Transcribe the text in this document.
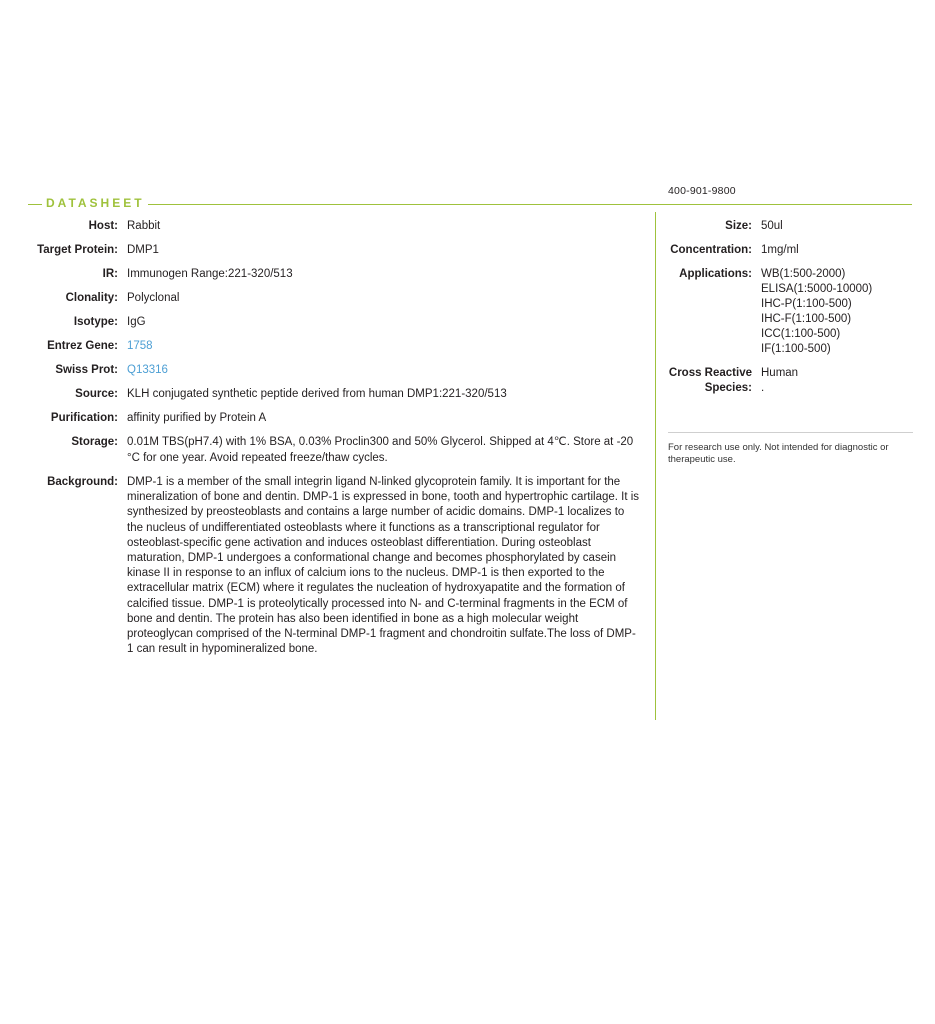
400-901-9800
DATASHEET
Host: Rabbit
Target Protein: DMP1
IR: Immunogen Range:221-320/513
Clonality: Polyclonal
Isotype: IgG
Entrez Gene: 1758
Swiss Prot: Q13316
Source: KLH conjugated synthetic peptide derived from human DMP1:221-320/513
Purification: affinity purified by Protein A
Storage: 0.01M TBS(pH7.4) with 1% BSA, 0.03% Proclin300 and 50% Glycerol. Shipped at 4℃. Store at -20 °C for one year. Avoid repeated freeze/thaw cycles.
Background: DMP-1 is a member of the small integrin ligand N-linked glycoprotein family. It is important for the mineralization of bone and dentin. DMP-1 is expressed in bone, tooth and hypertrophic cartilage. It is synthesized by preosteoblasts and contains a large number of acidic domains. DMP-1 localizes to the nucleus of undifferentiated osteoblasts where it functions as a transcriptional regulator for osteoblast-specific gene activation and induces osteoblast differentiation. During osteoblast maturation, DMP-1 undergoes a conformational change and becomes phosphorylated by casein kinase II in response to an influx of calcium ions to the nucleus. DMP-1 is then exported to the extracellular matrix (ECM) where it regulates the nucleation of hydroxyapatite and the formation of calcified tissue. DMP-1 is proteolytically processed into N- and C-terminal fragments in the ECM of bone and dentin. The protein has also been identified in bone as a high molecular weight proteoglycan comprised of the N-terminal DMP-1 fragment and chondroitin sulfate.The loss of DMP-1 can result in hypomineralized bone.
Size: 50ul
Concentration: 1mg/ml
Applications: WB(1:500-2000)
ELISA(1:5000-10000)
IHC-P(1:100-500)
IHC-F(1:100-500)
ICC(1:100-500)
IF(1:100-500)
Cross Reactive
Species:
Human
.
For research use only. Not intended for diagnostic or therapeutic use.
